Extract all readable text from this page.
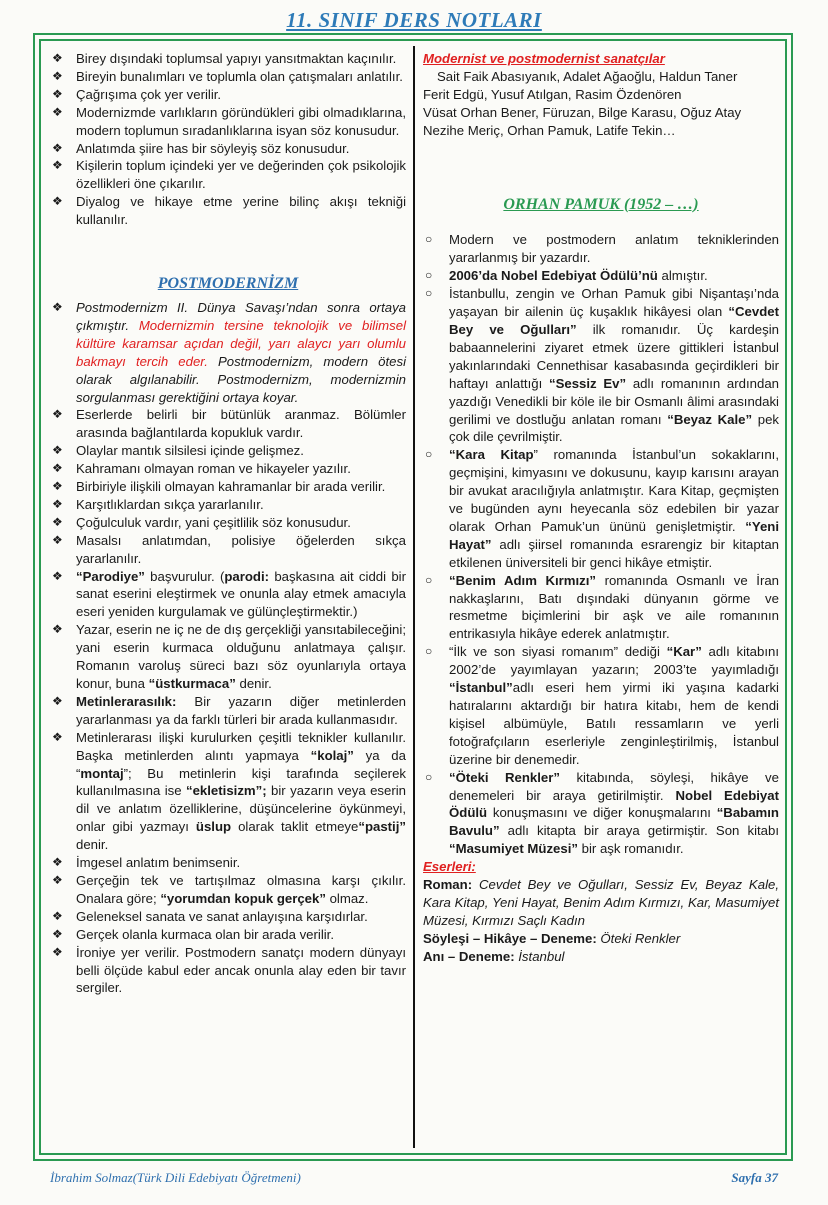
11. SINIF DERS NOTLARI
❖ Birey dışındaki toplumsal yapıyı yansıtmaktan kaçınılır.
❖ Bireyin bunalımları ve toplumla olan çatışmaları anlatılır.
❖ Çağrışıma çok yer verilir.
❖ Modernizmde varlıkların göründükleri gibi olmadıklarına, modern toplumun sıradanlıklarına isyan söz konusudur.
❖ Anlatımda şiire has bir söyleyiş söz konusudur.
❖ Kişilerin toplum içindeki yer ve değerinden çok psikolojik özellikleri öne çıkarılır.
❖ Diyalog ve hikaye etme yerine bilinç akışı tekniği kullanılır.
POSTMODERNİZM
❖ Postmodernizm II. Dünya Savaşı’ndan sonra ortaya çıkmıştır. Modernizmin tersine teknolojik ve bilimsel kültüre karamsar açıdan değil, yarı alaycı yarı olumlu bakmayı tercih eder. Postmodernizm, modern ötesi olarak algılanabilir. Postmodernizm, modernizmin sorgulanması gerektiğini ortaya koyar.
❖ Eserlerde belirli bir bütünlük aranmaz. Bölümler arasında bağlantılarda kopukluk vardır.
❖ Olaylar mantık silsilesi içinde gelişmez.
❖ Kahramanı olmayan roman ve hikayeler yazılır.
❖ Birbiriyle ilişkili olmayan kahramanlar bir arada verilir.
❖ Karşıtlıklardan sıkça yararlanılır.
❖ Çoğulculuk vardır, yani çeşitlilik söz konusudur.
❖ Masalsı anlatımdan, polisiye öğelerden sıkça yararlanılır.
❖ “Parodiye” başvurulur. (parodi: başkasına ait ciddi bir sanat eserini eleştirmek ve onunla alay etmek amacıyla eseri yeniden kurgulamak ve gülünçleştirmektir.)
❖ Yazar, eserin ne iç ne de dış gerçekliği yansıtabileceğini; yani eserin kurmaca olduğunu anlatmaya çalışır. Romanın varoluş süreci bazı söz oyunlarıyla ortaya konur, buna “üstkurmaca” denir.
❖ Metinlerarasılık: Bir yazarın diğer metinlerden yararlanması ya da farklı türleri bir arada kullanmasıdır.
❖ Metinlerarası ilişki kurulurken çeşitli teknikler kullanılır. Başka metinlerden alıntı yapmaya “kolaj” ya da “montaj”; Bu metinlerin kişi tarafında seçilerek kullanılmasına ise “ekletisizm”; bir yazarın veya eserin dil ve anlatım özelliklerine, düşüncelerine öykünmeyi, onlar gibi yazmayı üslup olarak taklit etmeye“pastij” denir.
❖ İmgesel anlatım benimsenir.
❖ Gerçeğin tek ve tartışılmaz olmasına karşı çıkılır. Onalara göre; “yorumdan kopuk gerçek” olmaz.
❖ Geleneksel sanata ve sanat anlayışına karşıdırlar.
❖ Gerçek olanla kurmaca olan bir arada verilir.
❖ İroniye yer verilir. Postmodern sanatçı modern dünyayı belli ölçüde kabul eder ancak onunla alay eden bir tavır sergiler.

Modernist ve postmodernist sanatçılar

Sait Faik Abasıyanık, Adalet Ağaoğlu, Haldun Taner

Ferit Edgü, Yusuf Atılgan, Rasim Özdenören

Vüsat Orhan Bener, Füruzan, Bilge Karasu, Oğuz Atay

Nezihe Meriç, Orhan Pamuk, Latife Tekin…

ORHAN PAMUK (1952 – …)
○ Modern ve postmodern anlatım tekniklerinden yararlanmış bir yazardır.
○ 2006’da Nobel Edebiyat Ödülü’nü almıştır.
○ İstanbullu, zengin ve Orhan Pamuk gibi Nişantaşı’nda yaşayan bir ailenin üç kuşaklık hikâyesi olan “Cevdet Bey ve Oğulları” ilk romanıdır. Üç kardeşin babaannelerini ziyaret etmek üzere gittikleri İstanbul yakınlarındaki Cennethisar kasabasında geçirdikleri bir haftayı anlattığı “Sessiz Ev” adlı romanının ardından yazdığı Venedikli bir köle ile bir Osmanlı âlimi arasındaki gerilimi ve dostluğu anlatan romanı “Beyaz Kale” pek çok dile çevrilmiştir.
○ “Kara Kitap” romanında İstanbul’un sokaklarını, geçmişini, kimyasını ve dokusunu, kayıp karısını arayan bir avukat aracılığıyla anlatmıştır. Kara Kitap, geçmişten ve bugünden aynı heyecanla söz edebilen bir yazar olarak Orhan Pamuk’un ününü genişletmiştir. “Yeni Hayat” adlı şiirsel romanında esrarengiz bir kitaptan etkilenen üniversiteli bir genci hikâye etmiştir.
○ “Benim Adım Kırmızı” romanında Osmanlı ve İran nakkaşlarını, Batı dışındaki dünyanın görme ve resmetme biçimlerini bir aşk ve aile romanının entrikasıyla hikâye ederek anlatmıştır.
○ “İlk ve son siyasi romanım” dediği “Kar” adlı kitabını 2002’de yayımlayan yazarın; 2003’te yayımladığı “İstanbul”adlı eseri hem yirmi iki yaşına kadarki hatıralarını aktardığı bir hatıra kitabı, hem de kendi kişisel albümüyle, Batılı ressamların ve yerli fotoğrafçıların eserleriyle zenginleştirilmiş, İstanbul üzerine bir denemedir.
○ “Öteki Renkler” kitabında, söyleşi, hikâye ve denemeleri bir araya getirilmiştir. Nobel Edebiyat Ödülü konuşmasını ve diğer konuşmalarını “Babamın Bavulu” adlı kitapta bir araya getirmiştir. Son kitabı “Masumiyet Müzesi” bir aşk romanıdır.

Eserleri:

Roman: Cevdet Bey ve Oğulları, Sessiz Ev, Beyaz Kale, Kara Kitap, Yeni Hayat, Benim Adım Kırmızı, Kar, Masumiyet Müzesi, Kırmızı Saçlı Kadın

Söyleşi – Hikâye – Deneme: Öteki Renkler

Anı – Deneme: İstanbul

İbrahim Solmaz(Türk Dili Edebiyatı Öğretmeni)	Sayfa 37
